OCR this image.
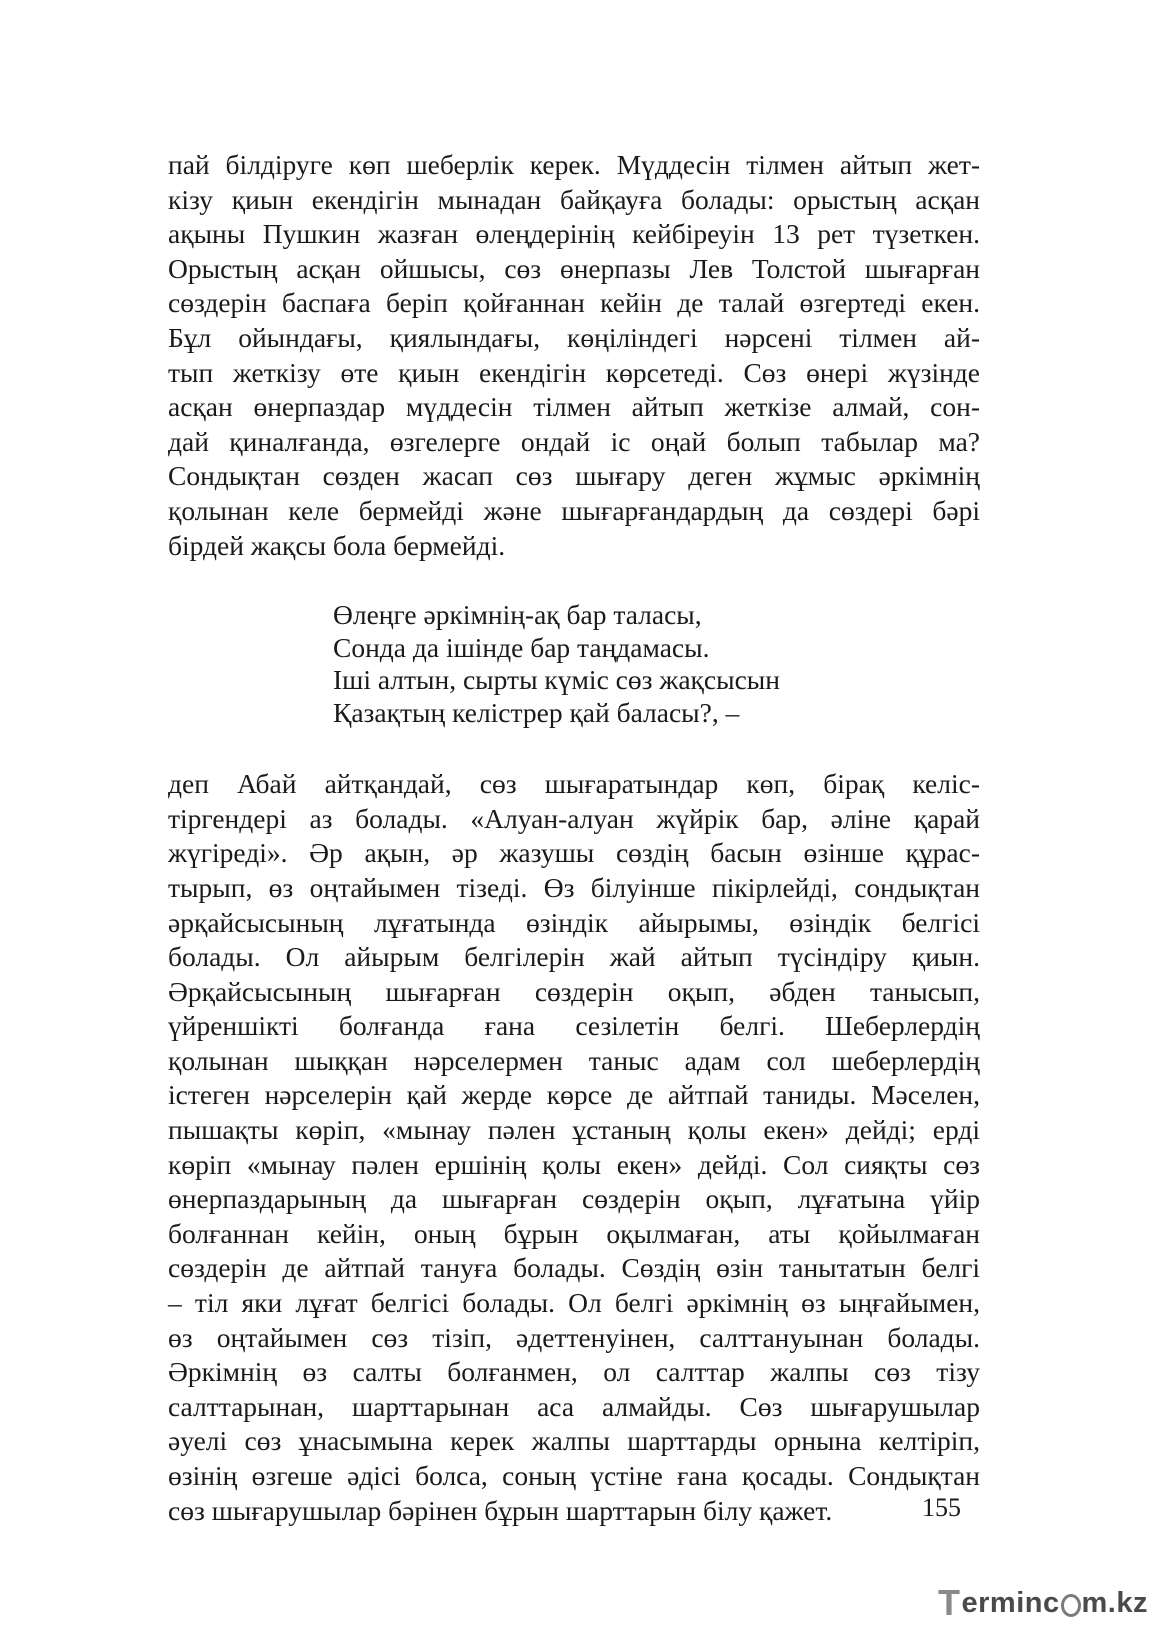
пай білдіруге көп шеберлік керек. Мүддесін тілмен айтып жет-
кізу қиын екендігін мынадан байқауға болады: орыстың асқан
ақыны Пушкин жазған өлеңдерінің кейбіреуін 13 рет түзеткен.
Орыстың асқан ойшысы, сөз өнерпазы Лев Толстой шығарған
сөздерін баспаға беріп қойғаннан кейін де талай өзгертеді екен.
Бұл ойындағы, қиялындағы, көңіліндегі нәрсені тілмен ай-
тып жеткізу өте қиын екендігін көрсетеді. Сөз өнері жүзінде
асқан өнерпаздар мүддесін тілмен айтып жеткізе алмай, сон-
дай қиналғанда, өзгелерге ондай іс оңай болып табылар ма?
Сондықтан сөзден жасап сөз шығару деген жұмыс әркімнің
қолынан келе бермейді және шығарғандардың да сөздері бәрі
бірдей жақсы бола бермейді.
Өлеңге әркімнің-ақ бар таласы,
Сонда да ішінде бар таңдамасы.
Іші алтын, сырты күміс сөз жақсысын
Қазақтың келістрер қай баласы?, –
деп Абай айтқандай, сөз шығаратындар көп, бірақ келіс-
тіргендері аз болады. «Алуан-алуан жүйрік бар, әліне қарай
жүгіреді». Әр ақын, әр жазушы сөздің басын өзінше құрас-
тырып, өз оңтайымен тізеді. Өз білуінше пікірлейді, сондықтан
әрқайсысының лұғатында өзіндік айырымы, өзіндік белгісі
болады. Ол айырым белгілерін жай айтып түсіндіру қиын.
Әрқайсысының шығарған сөздерін оқып, әбден танысып,
үйреншікті болғанда ғана сезілетін белгі. Шеберлердің
қолынан шыққан нәрселермен таныс адам сол шеберлердің
істеген нәрселерін қай жерде көрсе де айтпай таниды. Мәселен,
пышақты көріп, «мынау пәлен ұстаның қолы екен» дейді; ерді
көріп «мынау пәлен ершінің қолы екен» дейді. Сол сияқты сөз
өнерпаздарының да шығарған сөздерін оқып, лұғатына үйір
болғаннан кейін, оның бұрын оқылмаған, аты қойылмаған
сөздерін де айтпай тануға болады. Сөздің өзін танытатын белгі
– тіл яки лұғат белгісі болады. Ол белгі әркімнің өз ыңғайымен,
өз оңтайымен сөз тізіп, әдеттенуінен, салттануынан болады.
Әркімнің өз салты болғанмен, ол салттар жалпы сөз тізу
салттарынан, шарттарынан аса алмайды. Сөз шығарушылар
әуелі сөз ұнасымына керек жалпы шарттарды орнына келтіріп,
өзінің өзгеше әдісі болса, соның үстіне ғана қосады. Сондықтан
сөз шығарушылар бәрінен бұрын шарттарын білу қажет.	155
T erminc m.kz
